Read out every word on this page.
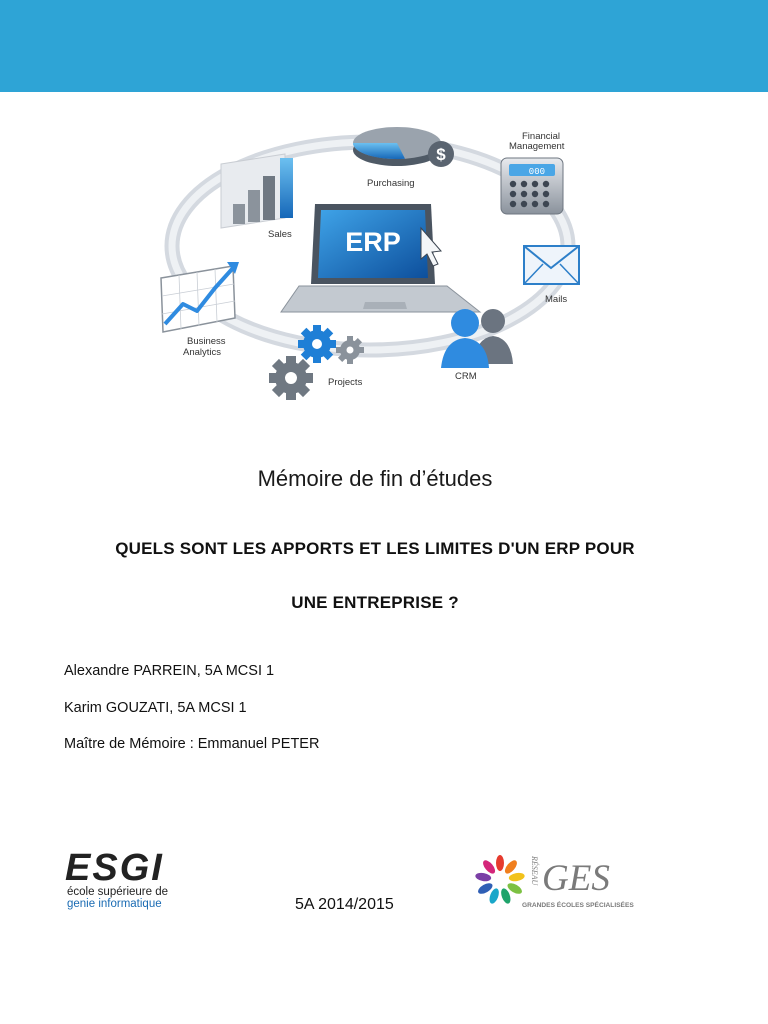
$
Purchasing
Financial
Management
000
Sales ERP
Mails
Business
Analytics
CRM
Projects
Mémoire de fin d’études
QUELS SONT LES APPORTS ET LES LIMITES D'UN ERP POUR
UNE ENTREPRISE ?
Alexandre PARREIN, 5A MCSI 1
Karim GOUZATI, 5A MCSI 1
Maître de Mémoire : Emmanuel PETER
ESGI
école supérieure de
genie informatique	5A 2014/2015
RÉSEAU GES
GRANDES ÉCOLES SPÉCIALISÉES
